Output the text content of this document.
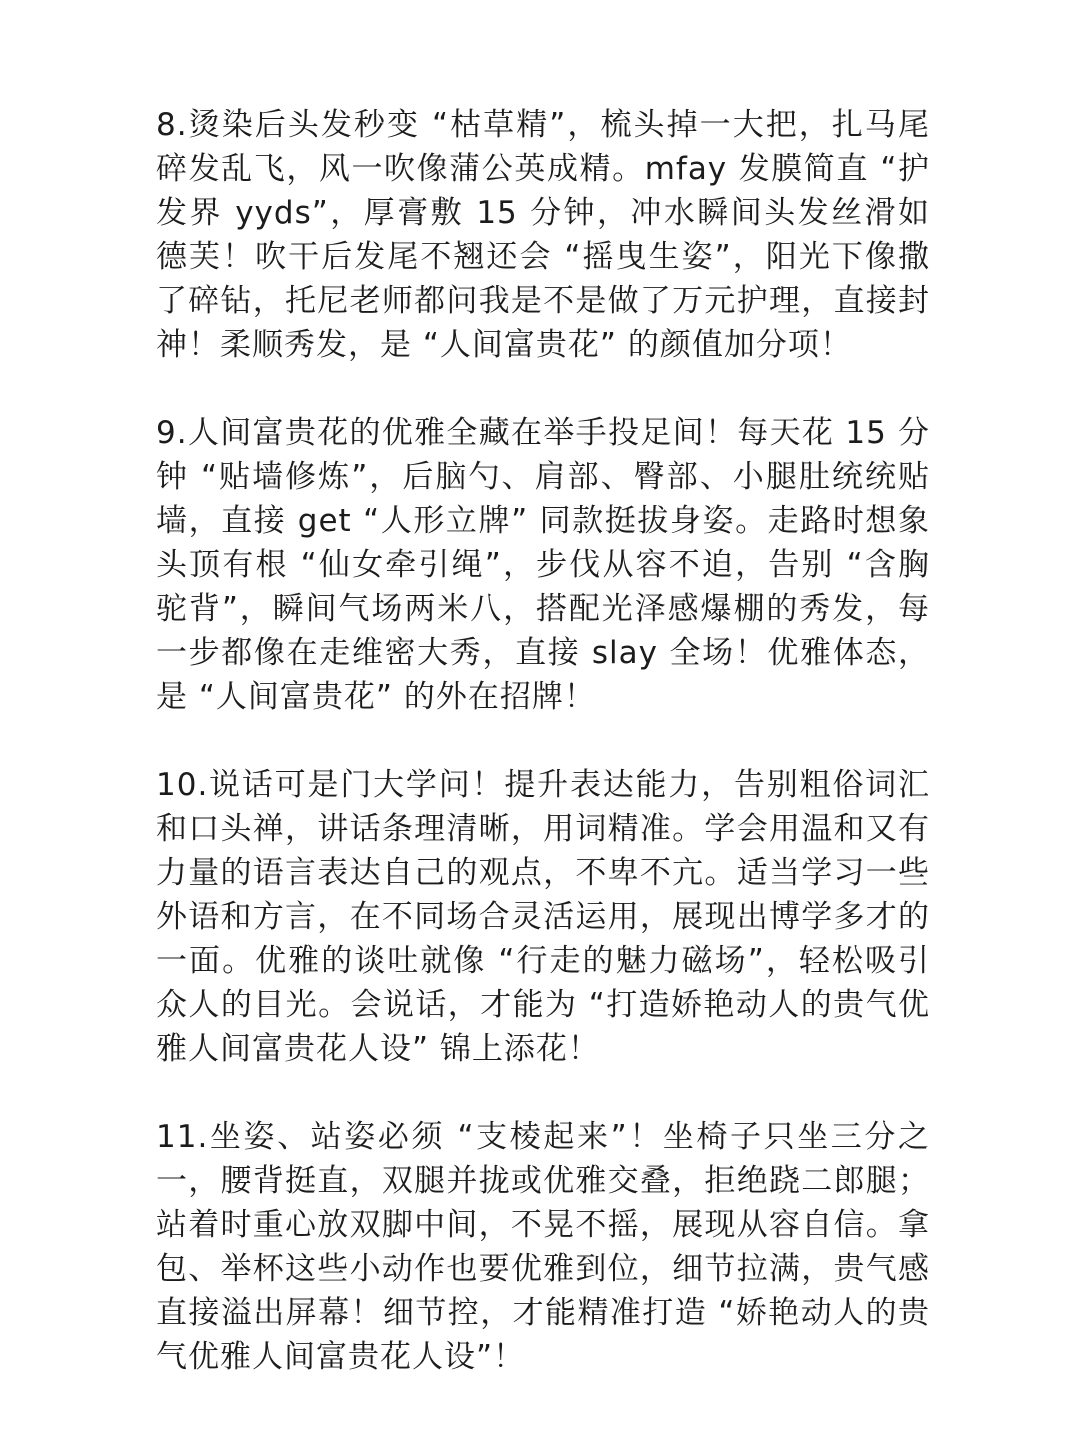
8.烫染后头发秒变 “枯草精”，梳头掉一大把，扎马尾碎发乱飞，风一吹像蒲公英成精。mfay 发膜简直 “护发界 yyds”，厚膏敷 15 分钟，冲水瞬间头发丝滑如德芙！吹干后发尾不翘还会 “摇曳生姿”，阳光下像撒了碎钻，托尼老师都问我是不是做了万元护理，直接封神！柔顺秀发，是 “人间富贵花” 的颜值加分项！

9.人间富贵花的优雅全藏在举手投足间！每天花 15 分钟 “贴墙修炼”，后脑勺、肩部、臀部、小腿肚统统贴墙，直接 get “人形立牌” 同款挺拔身姿。走路时想象头顶有根 “仙女牵引绳”，步伐从容不迫，告别 “含胸驼背”，瞬间气场两米八，搭配光泽感爆棚的秀发，每一步都像在走维密大秀，直接 slay 全场！优雅体态，是 “人间富贵花” 的外在招牌！

10.说话可是门大学问！提升表达能力，告别粗俗词汇和口头禅，讲话条理清晰，用词精准。学会用温和又有力量的语言表达自己的观点，不卑不亢。适当学习一些外语和方言，在不同场合灵活运用，展现出博学多才的一面。优雅的谈吐就像 “行走的魅力磁场”，轻松吸引众人的目光。会说话，才能为 “打造娇艳动人的贵气优雅人间富贵花人设” 锦上添花！

11.坐姿、站姿必须 “支棱起来”！坐椅子只坐三分之一，腰背挺直，双腿并拢或优雅交叠，拒绝跷二郎腿；站着时重心放双脚中间，不晃不摇，展现从容自信。拿包、举杯这些小动作也要优雅到位，细节拉满，贵气感直接溢出屏幕！细节控，才能精准打造 “娇艳动人的贵气优雅人间富贵花人设”！
